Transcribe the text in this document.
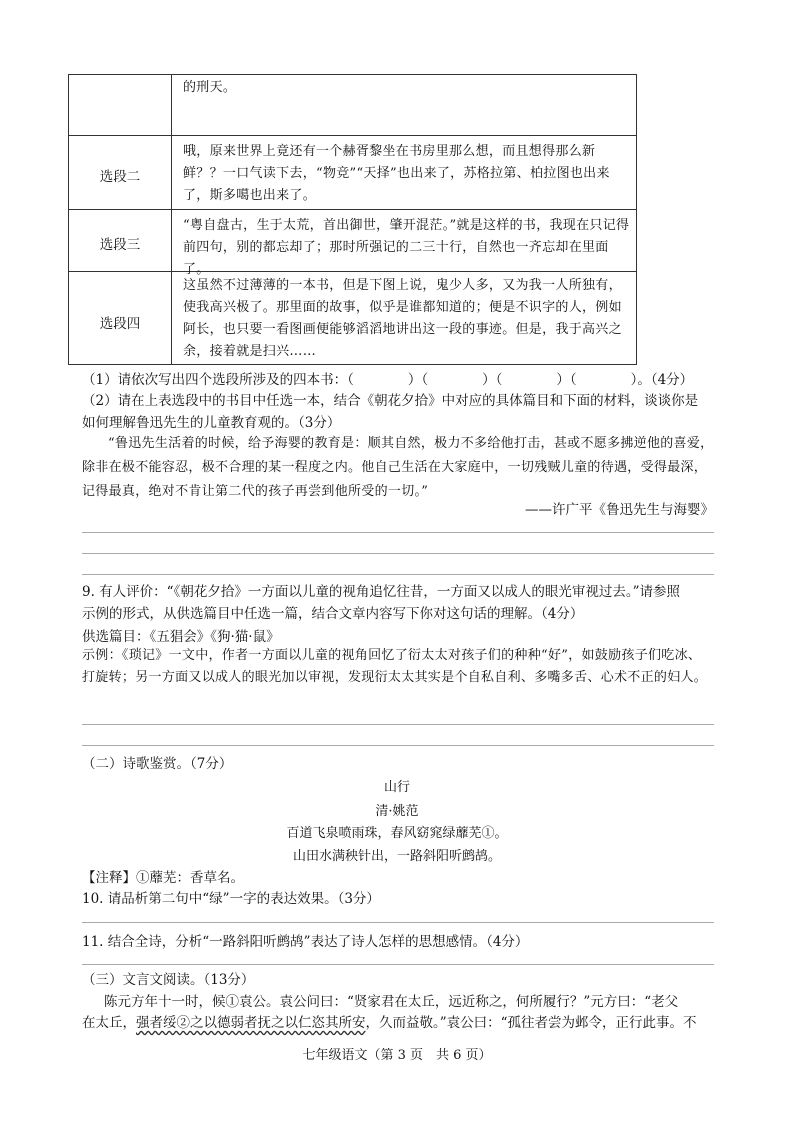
的刑天。
选段二
哦，原来世界上竟还有一个赫胥黎坐在书房里那么想，而且想得那么新鲜？？一口气读下去，“物竞”“天择”也出来了，苏格拉第、柏拉图也出来了，斯多噶也出来了。
选段三
“粤自盘古，生于太荒，首出御世，肇开混茫。”就是这样的书，我现在只记得前四句，别的都忘却了；那时所强记的二三十行，自然也一齐忘却在里面了。
选段四
这虽然不过薄薄的一本书，但是下图上说，鬼少人多，又为我一人所独有，使我高兴极了。那里面的故事，似乎是谁都知道的；便是不识字的人，例如阿长，也只要一看图画便能够滔滔地讲出这一段的事迹。但是，我于高兴之余，接着就是扫兴……
（1）请依次写出四个选段所涉及的四本书：（　　　　）（　　　　）（　　　　）（　　　　）。（4分）
（2）请在上表选段中的书目中任选一本，结合《朝花夕拾》中对应的具体篇目和下面的材料，谈谈你是
如何理解鲁迅先生的儿童教育观的。（3分）
“鲁迅先生活着的时候，给予海婴的教育是：顺其自然，极力不多给他打击，甚或不愿多拂逆他的喜爱，除非在极不能容忍，极不合理的某一程度之内。他自己生活在大家庭中，一切残贼儿童的待遇，受得最深，记得最真，绝对不肯让第二代的孩子再尝到他所受的一切。”
——许广平《鲁迅先生与海婴》
9. 有人评价：“《朝花夕拾》一方面以儿童的视角追忆往昔，一方面又以成人的眼光审视过去。”请参照
示例的形式，从供选篇目中任选一篇，结合文章内容写下你对这句话的理解。（4分）
供选篇目：《五猖会》《狗·猫·鼠》
示例：《琐记》一文中，作者一方面以儿童的视角回忆了衍太太对孩子们的种种“好”，如鼓励孩子们吃冰、打旋转；另一方面又以成人的眼光加以审视，发现衍太太其实是个自私自利、多嘴多舌、心术不正的妇人。
（二）诗歌鉴赏。（7分）
山行
清·姚范
百道飞泉喷雨珠，春风窈窕绿蘼芜①。
山田水满秧针出，一路斜阳听鹧鸪。
【注释】①蘼芜：香草名。
10. 请品析第二句中“绿”一字的表达效果。（3分）
11. 结合全诗，分析“一路斜阳听鹧鸪”表达了诗人怎样的思想感情。（4分）
（三）文言文阅读。（13分）
陈元方年十一时，候①袁公。袁公问曰：“贤家君在太丘，远近称之，何所履行？”元方曰：“老父
在太丘，强者绥②之以德弱者抚之以仁恣其所安，久而益敬。”袁公曰：“孤往者尝为邺令，正行此事。不
七年级语文（第 3 页　共 6 页）
